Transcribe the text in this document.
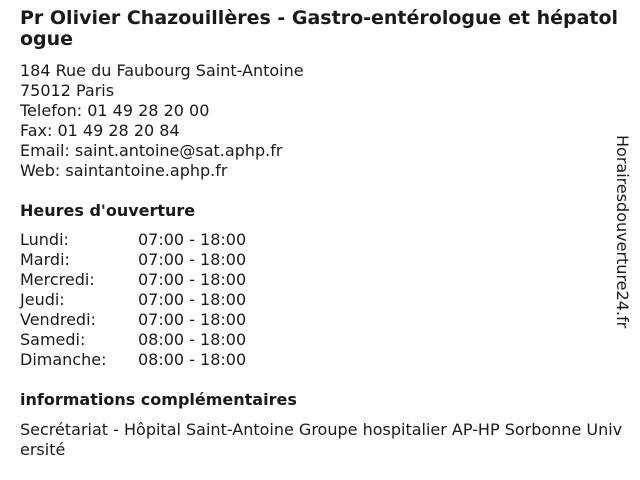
Pr Olivier Chazouillères - Gastro-entérologue et hépatologue
184 Rue du Faubourg Saint-Antoine
75012 Paris
Telefon: 01 49 28 20 00
Fax: 01 49 28 20 84
Email: saint.antoine@sat.aphp.fr
Web: saintantoine.aphp.fr
Heures d'ouverture
Lundi:	07:00 - 18:00
Mardi:	07:00 - 18:00
Mercredi:	07:00 - 18:00
Jeudi:	07:00 - 18:00
Vendredi:	07:00 - 18:00
Samedi:	08:00 - 18:00
Dimanche:	08:00 - 18:00
informations complémentaires
Secrétariat - Hôpital Saint-Antoine Groupe hospitalier AP-HP Sorbonne Université
Horairesdouverture24.fr
